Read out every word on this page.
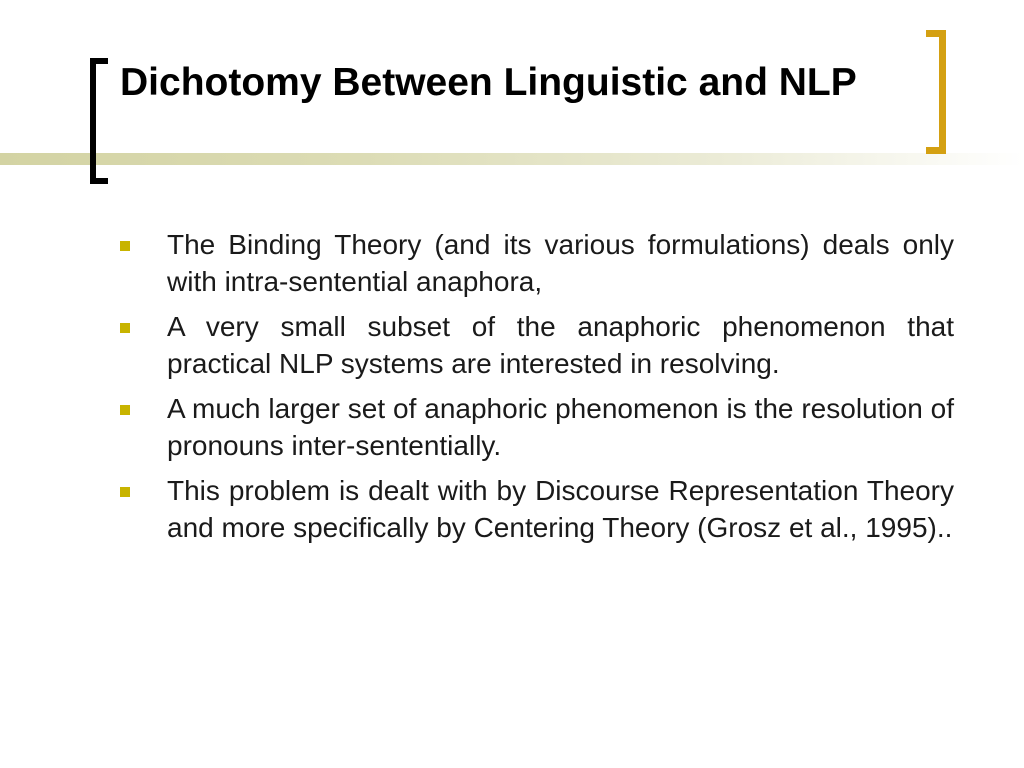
Dichotomy Between Linguistic and NLP
The Binding Theory (and its various formulations) deals only with intra-sentential anaphora,
A very small subset of the anaphoric phenomenon that practical NLP systems are interested in resolving.
A much larger set of anaphoric phenomenon is the resolution of pronouns inter-sententially.
This problem is dealt with by Discourse Representation Theory and more specifically by Centering Theory (Grosz et al., 1995)..
